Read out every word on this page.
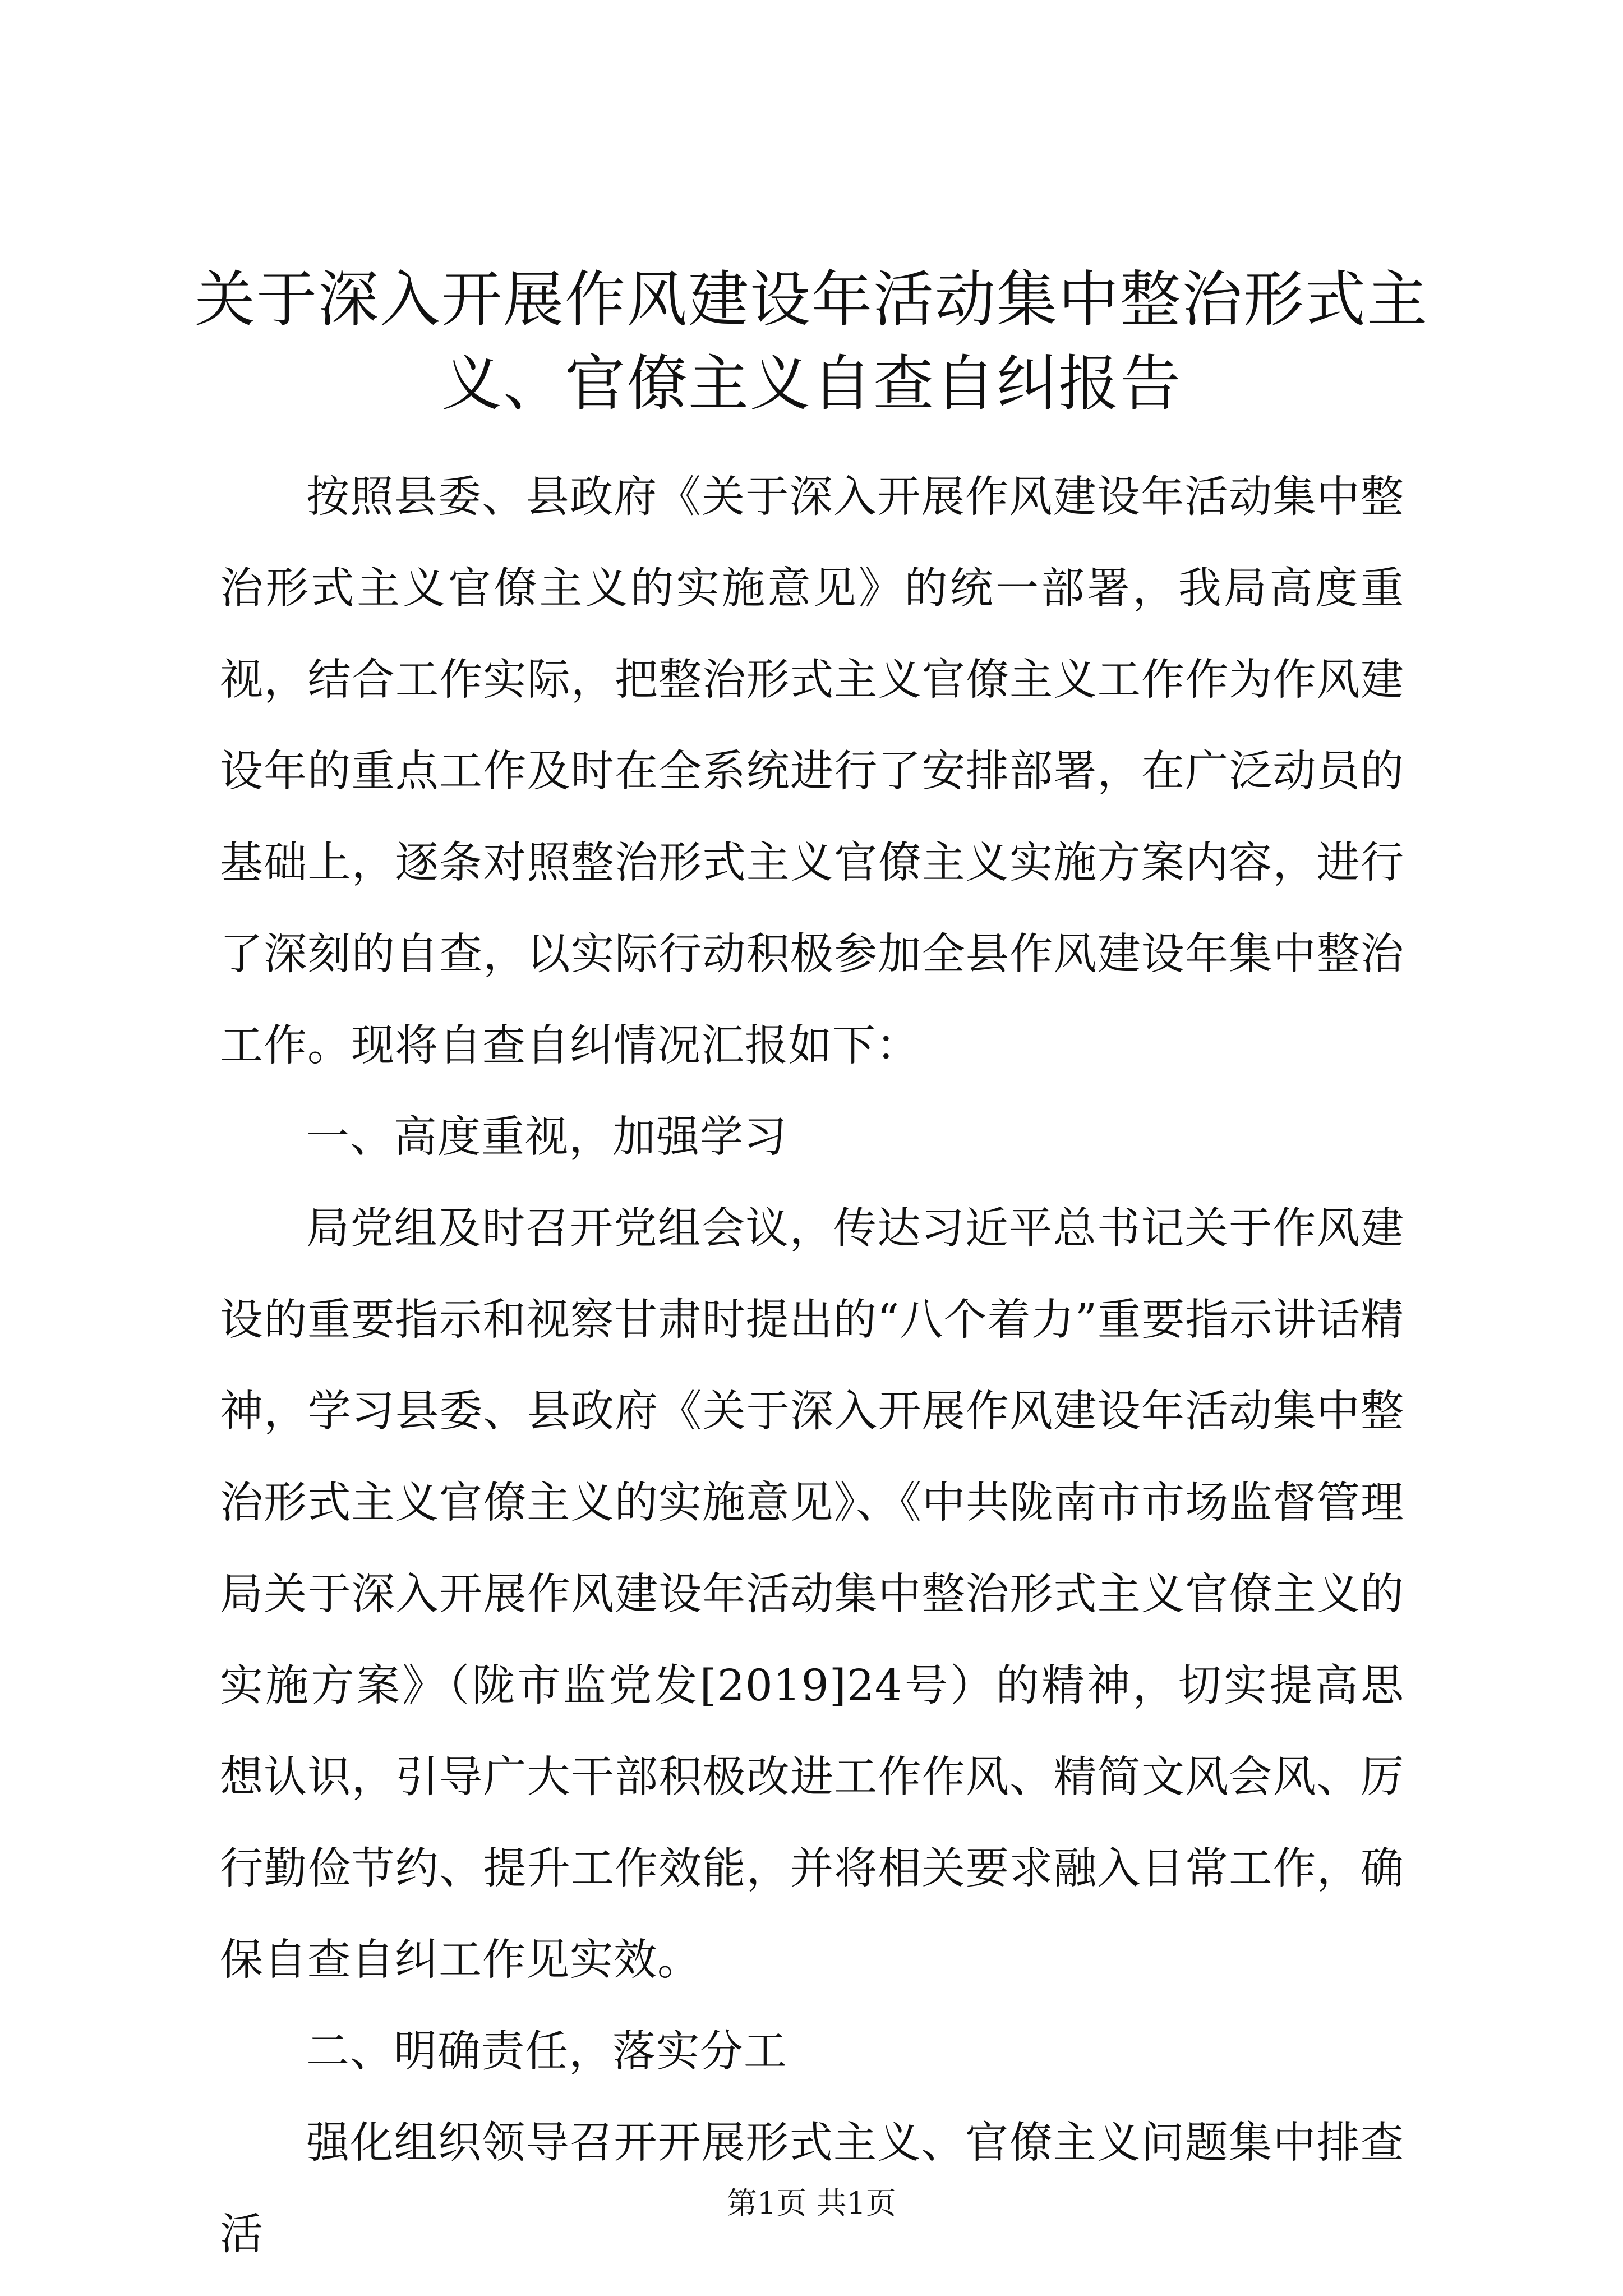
关于深入开展作风建设年活动集中整治形式主义、官僚主义自查自纠报告

按照县委、县政府《关于深入开展作风建设年活动集中整治形式主义官僚主义的实施意见》的统一部署，我局高度重视，结合工作实际，把整治形式主义官僚主义工作作为作风建设年的重点工作及时在全系统进行了安排部署，在广泛动员的基础上，逐条对照整治形式主义官僚主义实施方案内容，进行了深刻的自查，以实际行动积极参加全县作风建设年集中整治工作。现将自查自纠情况汇报如下：

一、高度重视，加强学习

局党组及时召开党组会议，传达习近平总书记关于作风建设的重要指示和视察甘肃时提出的“八个着力”重要指示讲话精神，学习县委、县政府《关于深入开展作风建设年活动集中整治形式主义官僚主义的实施意见》、《中共陇南市市场监督管理局关于深入开展作风建设年活动集中整治形式主义官僚主义的实施方案》（陇市监党发[2019]24号）的精神，切实提高思想认识，引导广大干部积极改进工作作风、精简文风会风、厉行勤俭节约、提升工作效能，并将相关要求融入日常工作，确保自查自纠工作见实效。

二、明确责任，落实分工

强化组织领导召开开展形式主义、官僚主义问题集中排查活

第1页 共1页
